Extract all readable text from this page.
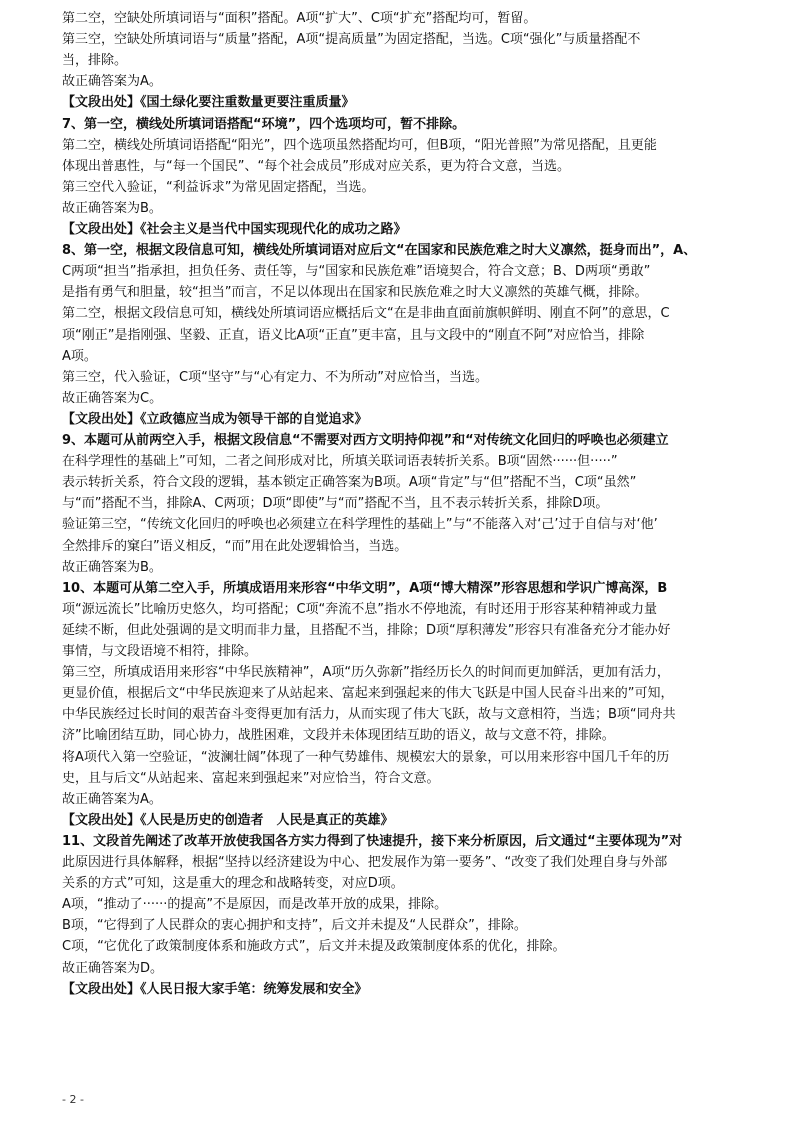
第二空，空缺处所填词语与“面积”搭配。A项“扩大”、C项“扩充”搭配均可，暂留。
第三空，空缺处所填词语与“质量”搭配，A项“提高质量”为固定搭配，当选。C项“强化”与质量搭配不
当，排除。
故正确答案为A。
【文段出处】《国土绿化要注重数量更要注重质量》
7、第一空，横线处所填词语搭配“环境”，四个选项均可，暂不排除。
第二空，横线处所填词语搭配“阳光”，四个选项虽然搭配均可，但B项，“阳光普照”为常见搭配，且更能
体现出普惠性，与“每一个国民”、“每个社会成员”形成对应关系，更为符合文意，当选。
第三空代入验证，“利益诉求”为常见固定搭配，当选。
故正确答案为B。
【文段出处】《社会主义是当代中国实现现代化的成功之路》
8、第一空，根据文段信息可知，横线处所填词语对应后文“在国家和民族危难之时大义凛然，挺身而出”，A、
C两项“担当”指承担，担负任务、责任等，与“国家和民族危难”语境契合，符合文意；B、D两项“勇敢”
是指有勇气和胆量，较“担当”而言，不足以体现出在国家和民族危难之时大义凛然的英雄气概，排除。
第二空，根据文段信息可知，横线处所填词语应概括后文“在是非曲直面前旗帜鲜明、刚直不阿”的意思，C
项“刚正”是指刚强、坚毅、正直，语义比A项“正直”更丰富，且与文段中的“刚直不阿”对应恰当，排除
A项。
第三空，代入验证，C项“坚守”与“心有定力、不为所动”对应恰当，当选。
故正确答案为C。
【文段出处】《立政德应当成为领导干部的自觉追求》
9、本题可从前两空入手，根据文段信息“不需要对西方文明持仰视”和“对传统文化回归的呼唤也必须建立
在科学理性的基础上”可知，二者之间形成对比，所填关联词语表转折关系。B项“固然······但·····”
表示转折关系，符合文段的逻辑，基本锁定正确答案为B项。A项“肯定”与“但”搭配不当，C项“虽然”
与“而”搭配不当，排除A、C两项；D项“即使”与“而”搭配不当，且不表示转折关系，排除D项。
验证第三空，“传统文化回归的呼唤也必须建立在科学理性的基础上”与“不能落入对‘己’过于自信与对‘他’
全然排斥的窠臼”语义相反，“而”用在此处逻辑恰当，当选。
故正确答案为B。
10、本题可从第二空入手，所填成语用来形容“中华文明”，A项“博大精深”形容思想和学识广博高深，B
项“源远流长”比喻历史悠久，均可搭配；C项“奔流不息”指水不停地流，有时还用于形容某种精神或力量
延续不断，但此处强调的是文明而非力量，且搭配不当，排除；D项“厚积薄发”形容只有准备充分才能办好
事情，与文段语境不相符，排除。
第三空，所填成语用来形容“中华民族精神”，A项“历久弥新”指经历长久的时间而更加鲜活，更加有活力，
更显价值，根据后文“中华民族迎来了从站起来、富起来到强起来的伟大飞跃是中国人民奋斗出来的”可知，
中华民族经过长时间的艰苦奋斗变得更加有活力，从而实现了伟大飞跃，故与文意相符，当选；B项“同舟共
济”比喻团结互助，同心协力，战胜困难，文段并未体现团结互助的语义，故与文意不符，排除。
将A项代入第一空验证，“波澜壮阔”体现了一种气势雄伟、规模宏大的景象，可以用来形容中国几千年的历
史，且与后文“从站起来、富起来到强起来”对应恰当，符合文意。
故正确答案为A。
【文段出处】《人民是历史的创造者　人民是真正的英雄》
11、文段首先阐述了改革开放使我国各方实力得到了快速提升，接下来分析原因，后文通过“主要体现为”对
此原因进行具体解释，根据“坚持以经济建设为中心、把发展作为第一要务”、“改变了我们处理自身与外部
关系的方式”可知，这是重大的理念和战略转变，对应D项。
A项，“推动了······的提高”不是原因，而是改革开放的成果，排除。
B项，“它得到了人民群众的衷心拥护和支持”，后文并未提及“人民群众”，排除。
C项，“它优化了政策制度体系和施政方式”，后文并未提及政策制度体系的优化，排除。
故正确答案为D。
【文段出处】《人民日报大家手笔：统筹发展和安全》
- 2 -
